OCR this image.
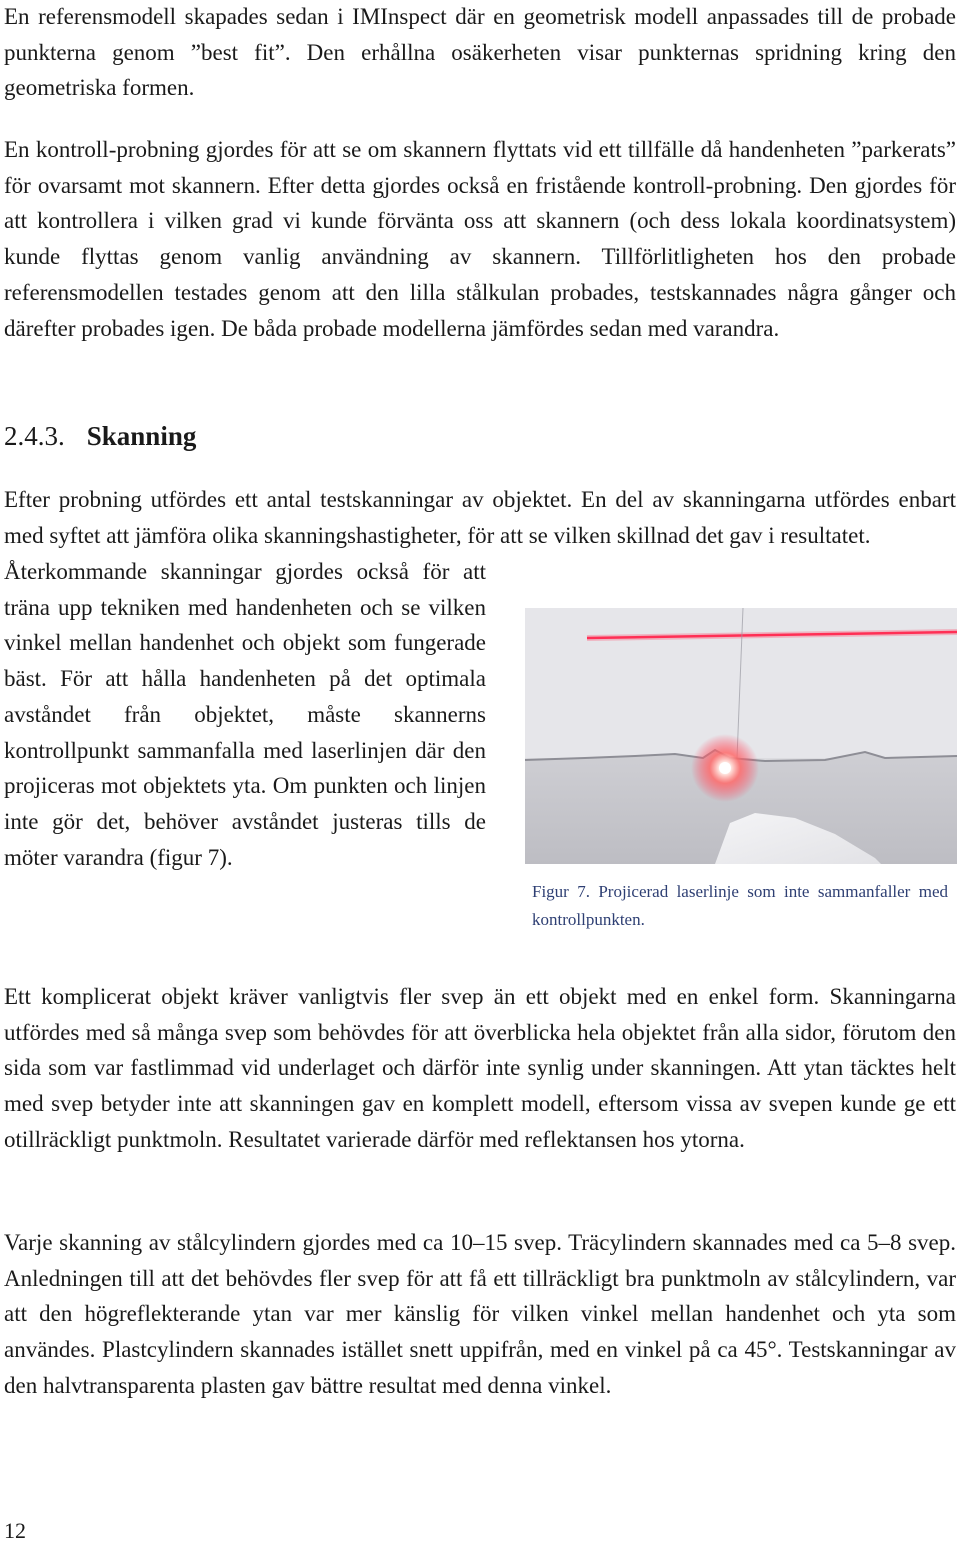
En referensmodell skapades sedan i IMInspect där en geometrisk modell anpassades till de probade punkterna genom ”best fit”. Den erhållna osäkerheten visar punkternas spridning kring den geometriska formen.

En kontroll-probning gjordes för att se om skannern flyttats vid ett tillfälle då handenheten ”parkerats” för ovarsamt mot skannern. Efter detta gjordes också en fristående kontroll-probning. Den gjordes för att kontrollera i vilken grad vi kunde förvänta oss att skannern (och dess lokala koordinatsystem) kunde flyttas genom vanlig användning av skannern. Tillförlitligheten hos den probade referensmodellen testades genom att den lilla stålkulan probades, testskannades några gånger och därefter probades igen. De båda probade modellerna jämfördes sedan med varandra.

2.4.3. Skanning

Efter probning utfördes ett antal testskanningar av objektet. En del av skanningarna utfördes enbart med syftet att jämföra olika skanningshastigheter, för att se vilken skillnad det gav i resultatet.

Återkommande skanningar gjordes också för att träna upp tekniken med handenheten och se vilken vinkel mellan handenhet och objekt som fungerade bäst. För att hålla handenheten på det optimala avståndet från objektet, måste skannerns kontrollpunkt sammanfalla med laserlinjen där den projiceras mot objektets yta. Om punkten och linjen inte gör det, behöver avståndet justeras tills de möter varandra (figur 7).

Figur 7. Projicerad laserlinje som inte sammanfaller med kontrollpunkten.

Ett komplicerat objekt kräver vanligtvis fler svep än ett objekt med en enkel form. Skanningarna utfördes med så många svep som behövdes för att överblicka hela objektet från alla sidor, förutom den sida som var fastlimmad vid underlaget och därför inte synlig under skanningen. Att ytan täcktes helt med svep betyder inte att skanningen gav en komplett modell, eftersom vissa av svepen kunde ge ett otillräckligt punktmoln. Resultatet varierade därför med reflektansen hos ytorna.

Varje skanning av stålcylindern gjordes med ca 10–15 svep. Träcylindern skannades med ca 5–8 svep. Anledningen till att det behövdes fler svep för att få ett tillräckligt bra punktmoln av stålcylindern, var att den högreflekterande ytan var mer känslig för vilken vinkel mellan handenhet och yta som användes. Plastcylindern skannades istället snett uppifrån, med en vinkel på ca 45°. Testskanningar av den halvtransparenta plasten gav bättre resultat med denna vinkel.

12
